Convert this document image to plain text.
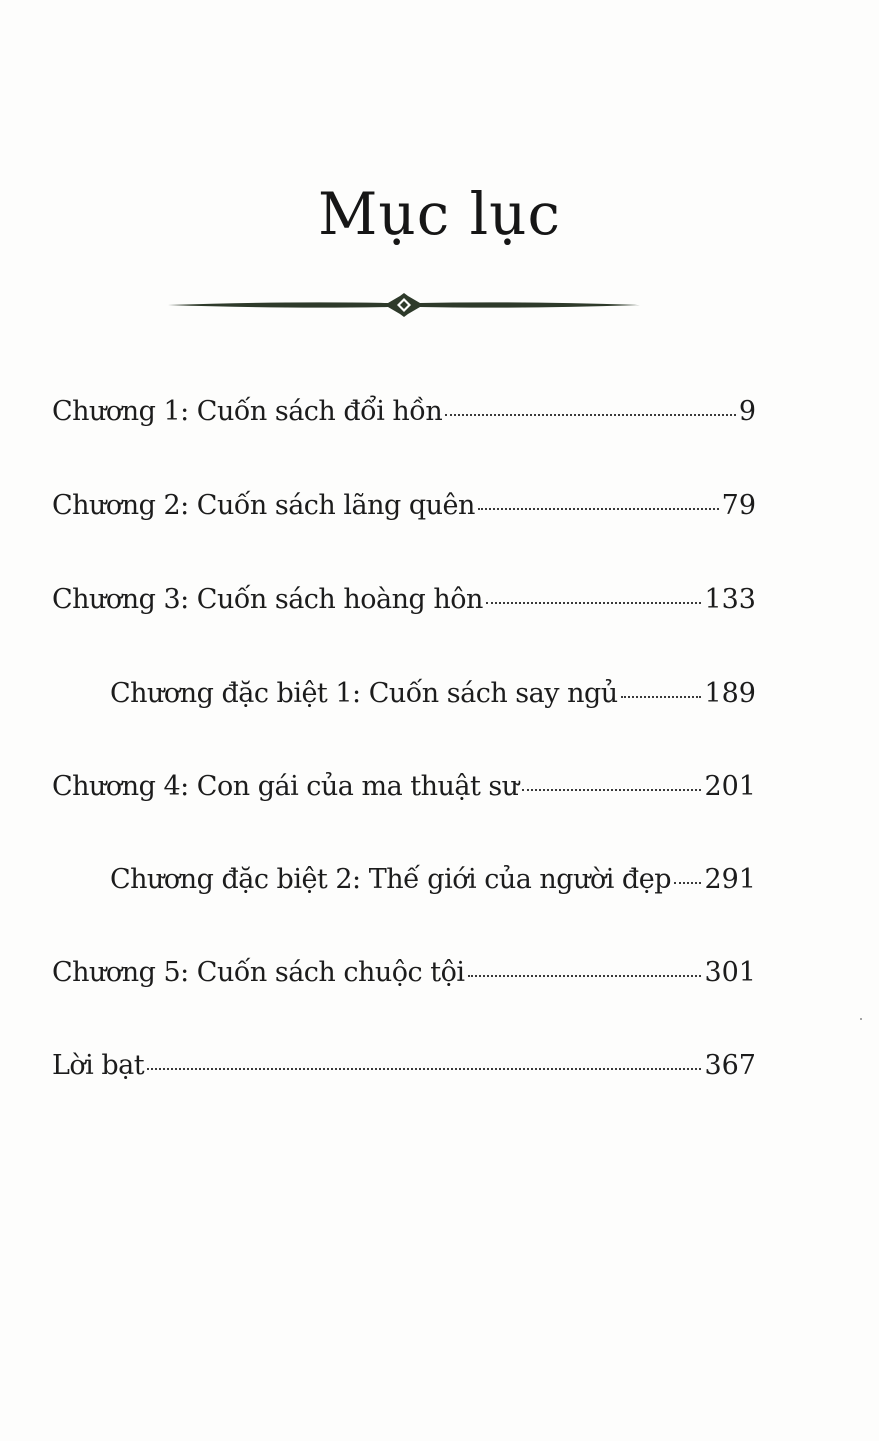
Mục lục
Chương 1: Cuốn sách đổi hồn	9
Chương 2: Cuốn sách lãng quên	79
Chương 3: Cuốn sách hoàng hôn	133
Chương đặc biệt 1: Cuốn sách say ngủ	189
Chương 4: Con gái của ma thuật sư	201
Chương đặc biệt 2: Thế giới của người đẹp 291
Chương 5: Cuốn sách chuộc tội	301
Lời bạt	367
